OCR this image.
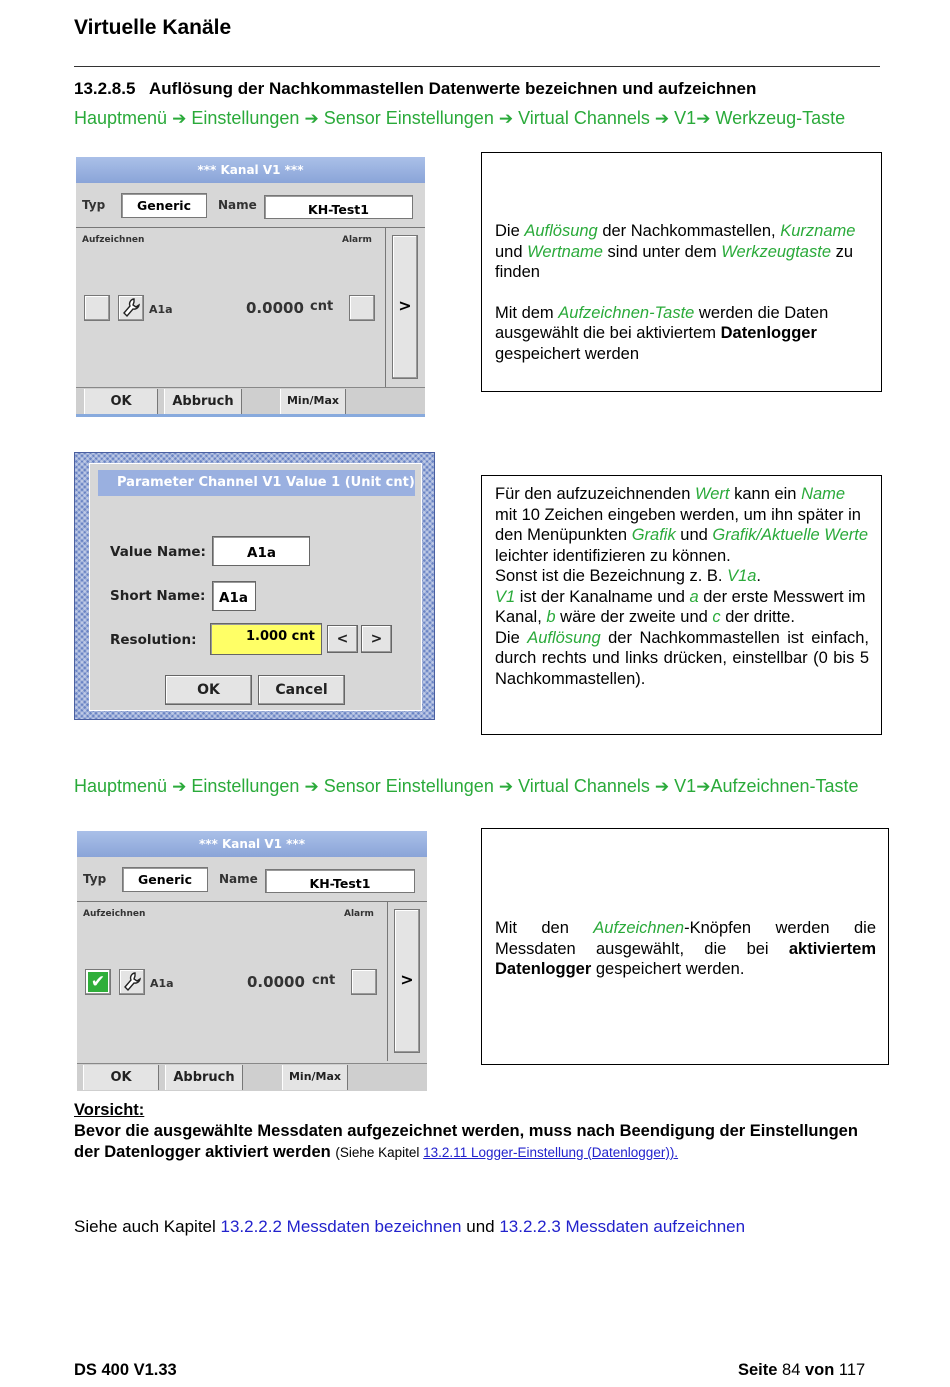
Virtuelle Kanäle
13.2.8.5 Auflösung der Nachkommastellen Datenwerte bezeichnen und aufzeichnen
Hauptmenü ➔ Einstellungen ➔ Sensor Einstellungen ➔ Virtual Channels ➔ V1➔ Werkzeug-Taste
*** Kanal V1 ***
Typ	Generic	Name	KH-Test1
Aufzeichnen	Alarm
A1a	0.0000 cnt	>
OK	Abbruch	Min/Max

Die Auflösung der Nachkommastellen, Kurzname und Wertname sind unter dem Werkzeugtaste zu finden

Mit dem Aufzeichnen-Taste werden die Daten ausgewählt die bei aktiviertem Datenlogger gespeichert werden

Parameter Channel V1 Value 1 (Unit cnt)
Value Name:	A1a
Short Name:	A1a
Resolution:	1.000 cnt	<	>
OK	Cancel

Für den aufzuzeichnenden Wert kann ein Name mit 10 Zeichen eingeben werden, um ihn später in den Menüpunkten Grafik und Grafik/Aktuelle Werte leichter identifizieren zu können.

Sonst ist die Bezeichnung z. B. V1a.

V1 ist der Kanalname und a der erste Messwert im Kanal, b wäre der zweite und c der dritte.

Die Auflösung der Nachkommastellen ist einfach, durch rechts und links drücken, einstellbar (0 bis 5 Nachkommastellen).

Hauptmenü ➔ Einstellungen ➔ Sensor Einstellungen ➔ Virtual Channels ➔ V1➔Aufzeichnen-Taste
*** Kanal V1 ***
Typ	Generic	Name	KH-Test1
Aufzeichnen	Alarm
✔	A1a	0.0000 cnt	>
OK	Abbruch	Min/Max

Mit den Aufzeichnen-Knöpfen werden die Messdaten ausgewählt, die bei aktiviertem Datenlogger gespeichert werden.

Vorsicht:
Bevor die ausgewählte Messdaten aufgezeichnet werden, muss nach Beendigung der Einstellungen der Datenlogger aktiviert werden (Siehe Kapitel 13.2.11 Logger-Einstellung (Datenlogger)).
Siehe auch Kapitel 13.2.2.2 Messdaten bezeichnen und 13.2.2.3 Messdaten aufzeichnen
DS 400 V1.33	Seite 84 von 117
